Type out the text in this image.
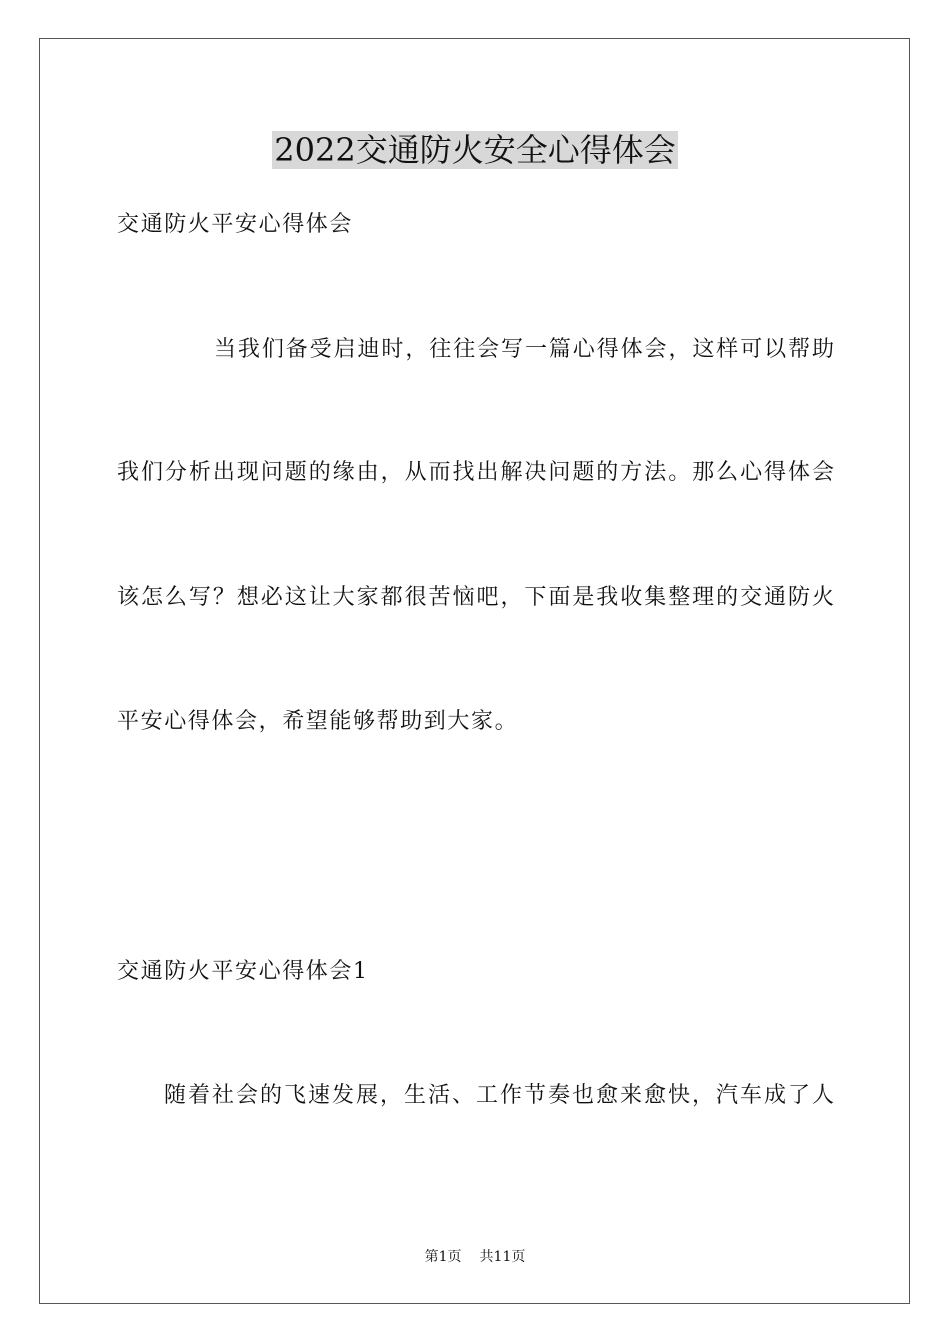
2022交通防火安全心得体会

交通防火平安心得体会

当我们备受启迪时，往往会写一篇心得体会，这样可以帮助

我们分析出现问题的缘由，从而找出解决问题的方法。那么心得体会

该怎么写？想必这让大家都很苦恼吧，下面是我收集整理的交通防火

平安心得体会，希望能够帮助到大家。

交通防火平安心得体会1

随着社会的飞速发展，生活、工作节奏也愈来愈快，汽车成了人

第1页 共11页
